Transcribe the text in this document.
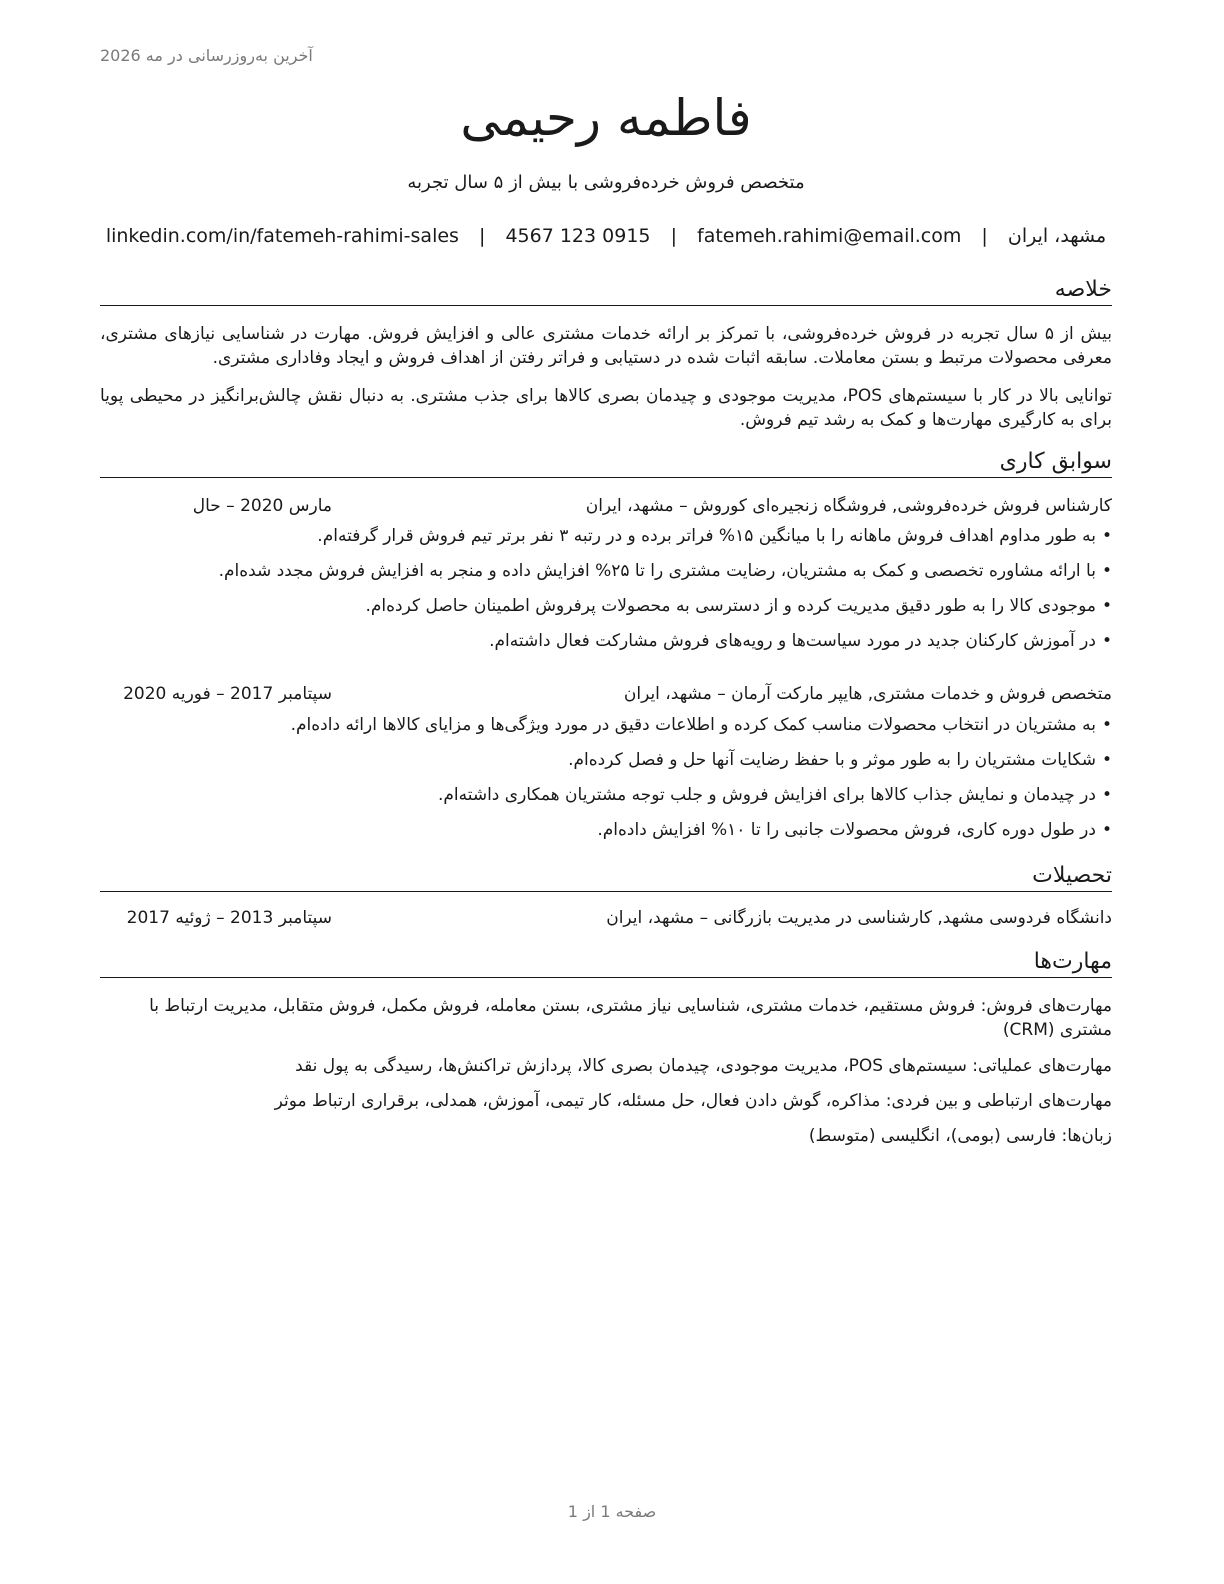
آخرین به‌روزرسانی در مه 2026
فاطمه رحیمی
متخصص فروش خرده‌فروشی با بیش از ۵ سال تجربه
مشهد، ایران | fatemeh.rahimi@email.com | 4567 123 0915 | linkedin.com/in/fatemeh-rahimi-sales
خلاصه

بیش از ۵ سال تجربه در فروش خرده‌فروشی، با تمرکز بر ارائه خدمات مشتری عالی و افزایش فروش. مهارت در شناسایی نیازهای مشتری، معرفی محصولات مرتبط و بستن معاملات. سابقه اثبات شده در دستیابی و فراتر رفتن از اهداف فروش و ایجاد وفاداری مشتری.

توانایی بالا در کار با سیستم‌های POS، مدیریت موجودی و چیدمان بصری کالاها برای جذب مشتری. به دنبال نقش چالش‌برانگیز در محیطی پویا برای به کارگیری مهارت‌ها و کمک به رشد تیم فروش.

سوابق کاری
کارشناس فروش خرده‌فروشی, فروشگاه زنجیره‌ای کوروش – مشهد، ایران
مارس 2020 – حال
•به طور مداوم اهداف فروش ماهانه را با میانگین ۱۵% فراتر برده و در رتبه ۳ نفر برتر تیم فروش قرار گرفته‌ام.
•با ارائه مشاوره تخصصی و کمک به مشتریان، رضایت مشتری را تا ۲۵% افزایش داده و منجر به افزایش فروش مجدد شده‌ام.
•موجودی کالا را به طور دقیق مدیریت کرده و از دسترسی به محصولات پرفروش اطمینان حاصل کرده‌ام.
•در آموزش کارکنان جدید در مورد سیاست‌ها و رویه‌های فروش مشارکت فعال داشته‌ام.
متخصص فروش و خدمات مشتری, هایپر مارکت آرمان – مشهد، ایران
سپتامبر 2017 – فوریه 2020
•به مشتریان در انتخاب محصولات مناسب کمک کرده و اطلاعات دقیق در مورد ویژگی‌ها و مزایای کالاها ارائه داده‌ام.
•شکایات مشتریان را به طور موثر و با حفظ رضایت آنها حل و فصل کرده‌ام.
•در چیدمان و نمایش جذاب کالاها برای افزایش فروش و جلب توجه مشتریان همکاری داشته‌ام.
•در طول دوره کاری، فروش محصولات جانبی را تا ۱۰% افزایش داده‌ام.
تحصیلات
دانشگاه فردوسی مشهد, کارشناسی در مدیریت بازرگانی – مشهد، ایران
سپتامبر 2013 – ژوئیه 2017
مهارت‌ها

مهارت‌های فروش: فروش مستقیم، خدمات مشتری، شناسایی نیاز مشتری، بستن معامله، فروش مکمل، فروش متقابل، مدیریت ارتباط با مشتری (CRM)

مهارت‌های عملیاتی: سیستم‌های POS، مدیریت موجودی، چیدمان بصری کالا، پردازش تراکنش‌ها، رسیدگی به پول نقد

مهارت‌های ارتباطی و بین فردی: مذاکره، گوش دادن فعال، حل مسئله، کار تیمی، آموزش، همدلی، برقراری ارتباط موثر

زبان‌ها: فارسی (بومی)، انگلیسی (متوسط)

صفحه 1 از 1
